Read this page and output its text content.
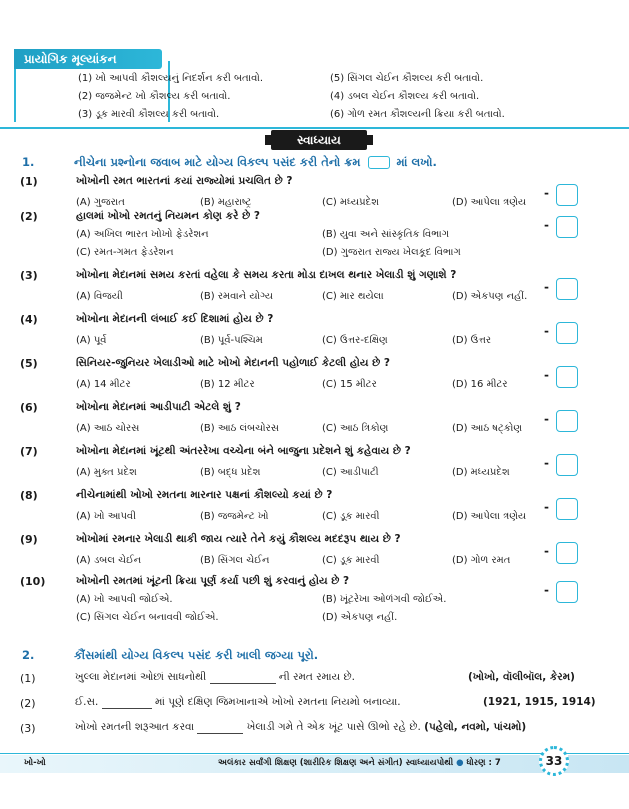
પ્રાયોગિક મૂલ્યાંકન
(1) ખો આપવી કૌશલ્યનું નિદર્શન કરી બતાવો.
(2) જજમેન્ટ ખો કૌશલ્ય કરી બતાવો.
(3) ડૂક મારવી કૌશલ્ય કરી બતાવો.
(5) સિંગલ ચેઈન કૌશલ્ય કરી બતાવો.
(4) ડબલ ચેઈન કૌશલ્ય કરી બતાવો.
(6) ગોળ રમત કૌશલ્યની ક્રિયા કરી બતાવો.
સ્વાધ્યાય
1.	નીચેના પ્રશ્નોના જવાબ માટે યોગ્ય વિકલ્પ પસંદ કરી તેનો ક્રમ	માં લખો.
(1)	ખોખોની રમત ભારતનાં કયાં રાજ્યોમાં પ્રચલિત છે ?
(A) ગુજરાત	(B) મહારાષ્ટ્ર	(C) મધ્યપ્રદેશ	(D) આપેલા ત્રણેય
-
(2)	હાલમાં ખોખો રમતનું નિયમન કોણ કરે છે ?
(A) અખિલ ભારત ખોખો ફેડરેશન	(B) યુવા અને સાંસ્કૃતિક વિભાગ
(C) રમત-ગમત ફેડરેશન	(D) ગુજરાત રાજ્ય ખેલકૂદ વિભાગ
-
(3)	ખોખોના મેદાનમાં સમય કરતાં વહેલા કે સમય કરતા મોડા દાખલ થનાર ખેલાડી શું ગણાશે ?
(A) વિજયી	(B) રમવાને યોગ્ય	(C) માર થયેલા	(D) એકપણ નહીં.
-
(4)	ખોખોના મેદાનની લંબાઈ કઈ દિશામાં હોય છે ?
(A) પૂર્વ	(B) પૂર્વ-પશ્ચિમ	(C) ઉત્તર-દક્ષિણ	(D) ઉત્તર
-
(5)	સિનિયર-જુનિયર ખેલાડીઓ માટે ખોખો મેદાનની પહોળાઈ કેટલી હોય છે ?
(A) 14 મીટર	(B) 12 મીટર	(C) 15 મીટર	(D) 16 મીટર
-
(6)	ખોખોના મેદાનમાં આડીપાટી એટલે શું ?
(A) આઠ ચોરસ	(B) આઠ લંબચોરસ	(C) આઠ ત્રિકોણ	(D) આઠ ષટ્કોણ
-
(7)	ખોખોના મેદાનમાં ખૂંટથી અંતરરેખા વચ્ચેના બંને બાજુના પ્રદેશને શું કહેવાય છે ?
(A) મુક્ત પ્રદેશ	(B) બદ્ધ પ્રદેશ	(C) આડીપાટી	(D) મધ્યપ્રદેશ
-
(8)	નીચેનામાંથી ખોખો રમતના મારનાર પક્ષનાં કૌશલ્યો કયાં છે ?
(A) ખો આપવી	(B) જજમેન્ટ ખો	(C) ડૂક મારવી	(D) આપેલા ત્રણેય
-
(9)	ખોખોમાં રમનાર ખેલાડી થાકી જાય ત્યારે તેને કયું કૌશલ્ય મદદરૂપ થાય છે ?
(A) ડબલ ચેઈન	(B) સિંગલ ચેઈન	(C) ડૂક મારવી	(D) ગોળ રમત
-
(10)	ખોખોની રમતમાં ખૂંટની ક્રિયા પૂર્ણ કર્યા પછી શું કરવાનું હોય છે ?
(A) ખો આપવી જોઈએ.	(B) ખૂંટરેખા ઓળંગવી જોઈએ.
(C) સિંગલ ચેઈન બનાવવી જોઈએ.	(D) એકપણ નહીં.
-
2.	કૌંસમાંથી યોગ્ય વિકલ્પ પસંદ કરી ખાલી જગ્યા પૂરો.
(1)	ખુલ્લા મેદાનમાં ઓછાં સાધનોથી	ની રમત રમાય છે.	(ખોખો, વૉલીબૉલ, કેરમ)
(2)	ઈ.સ.	માં પૂણે દક્ષિણ જિમખાનાએ ખોખો રમતના નિયમો બનાવ્યા.	(1921, 1915, 1914)
(3)	ખોખો રમતની શરૂઆત કરવા	ખેલાડી ગમે તે એક ખૂંટ પાસે ઊભો રહે છે. (પહેલો, નવમો, પાંચમો)
ખો-ખો	અલંકાર સર્વાંગી શિક્ષણ (શારીરિક શિક્ષણ અને સંગીત) સ્વાધ્યાયપોથી ● ધોરણ : 7	33
